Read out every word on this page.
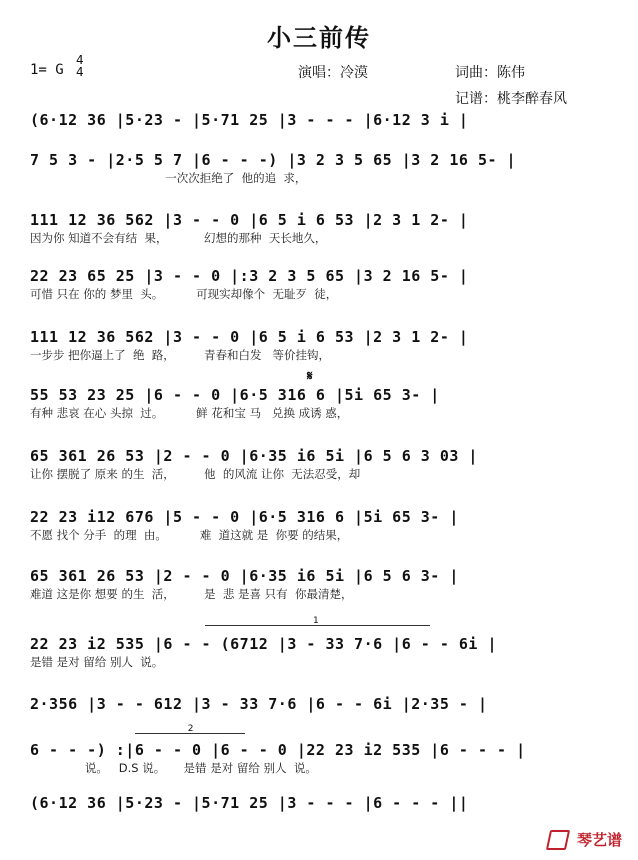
小三前传
1= G
4
4	演唱：冷漠	词曲：陈伟
记谱：桃李醉春风
(6·12 36 |5·23 - |5·71 25 |3 - - - |6·12 3 i |
7 5 3 - |2·5 5 7 |6 - - -) |3 2 3 5 65 |3 2 16 5- |
一次次拒绝了  他的追  求，
111 12 36 562 |3 - - 0 |6 5 i 6 53 |2 3 1 2- |
因为你 知道不会有结  果，          幻想的那种  天长地久，
22 23 65 25 |3 - - 0 |:3 2 3 5 65 |3 2 16 5- |
可惜 只在 你的 梦里  头。         可现实却像个  无耻歹  徒，
111 12 36 562 |3 - - 0 |6 5 i 6 53 |2 3 1 2- |
一步步 把你逼上了  绝  路，        青春和白发   等价挂钩，
𝄋
55 53 23 25 |6 - - 0 |6·5 316 6 |5i 65 3- |
有种 悲哀 在心 头掠  过。         鲜 花和宝 马   兑换 成诱 惑，
65 361 26 53 |2 - - 0 |6·35 i6 5i |6 5 6 3 03 |
让你 摆脱了 原来 的生  活，        他  的风流 让你  无法忍受，却
22 23 i12 676 |5 - - 0 |6·5 316 6 |5i 65 3- |
不愿 找个 分手  的理  由。         难  道这就 是  你要 的结果，
65 361 26 53 |2 - - 0 |6·35 i6 5i |6 5 6 3- |
难道 这是你 想要 的生  活，        是  悲 是喜 只有  你最清楚，
1
22 23 i2 535 |6 - - (6712 |3 - 33 7·6 |6 - - 6i |
是错 是对 留给 别人  说。
2·356 |3 - - 612 |3 - 33 7·6 |6 - - 6i |2·35 - |
2
6 - - -) :|6 - - 0 |6 - - 0 |22 23 i2 535 |6 - - - |
说。   D.S 说。     是错 是对 留给 别人  说。
(6·12 36 |5·23 - |5·71 25 |3 - - - |6 - - - ||
琴艺谱
